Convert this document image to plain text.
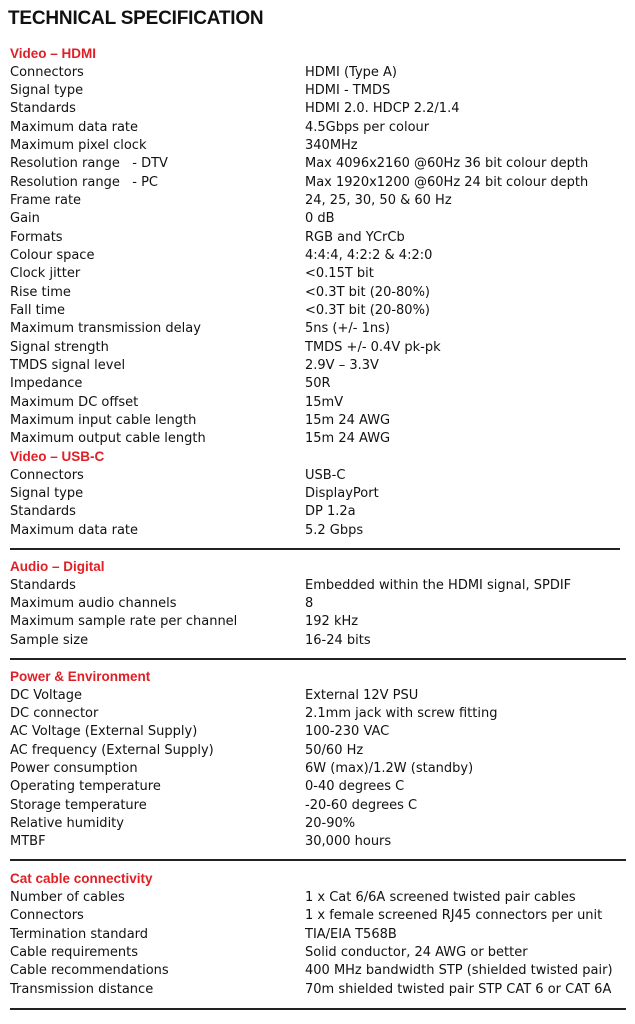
TECHNICAL SPECIFICATION
Video – HDMI
Connectors	HDMI (Type A)
Signal type	HDMI - TMDS
Standards	HDMI 2.0. HDCP 2.2/1.4
Maximum data rate	4.5Gbps per colour
Maximum pixel clock	340MHz
Resolution range   - DTV	Max 4096x2160 @60Hz 36 bit colour depth
Resolution range   - PC	Max 1920x1200 @60Hz 24 bit colour depth
Frame rate	24, 25, 30, 50 & 60 Hz
Gain	0 dB
Formats	RGB and YCrCb
Colour space	4:4:4, 4:2:2 & 4:2:0
Clock jitter	<0.15T bit
Rise time	<0.3T bit (20-80%)
Fall time	<0.3T bit (20-80%)
Maximum transmission delay	5ns (+/- 1ns)
Signal strength	TMDS +/- 0.4V pk-pk
TMDS signal level	2.9V – 3.3V
Impedance	50R
Maximum DC offset	15mV
Maximum input cable length	15m 24 AWG
Maximum output cable length	15m 24 AWG
Video – USB-C
Connectors	USB-C
Signal type	DisplayPort
Standards	DP 1.2a
Maximum data rate	5.2 Gbps
Audio – Digital
Standards	Embedded within the HDMI signal, SPDIF
Maximum audio channels	8
Maximum sample rate per channel	192 kHz
Sample size	16-24 bits
Power & Environment
DC Voltage	External 12V PSU
DC connector	2.1mm jack with screw fitting
AC Voltage (External Supply)	100-230 VAC
AC frequency (External Supply)	50/60 Hz
Power consumption	6W (max)/1.2W (standby)
Operating temperature	0-40 degrees C
Storage temperature	-20-60 degrees C
Relative humidity	20-90%
MTBF	30,000 hours
Cat cable connectivity
Number of cables	1 x Cat 6/6A screened twisted pair cables
Connectors	1 x female screened RJ45 connectors per unit
Termination standard	TIA/EIA T568B
Cable requirements	Solid conductor, 24 AWG or better
Cable recommendations	400 MHz bandwidth STP (shielded twisted pair)
Transmission distance	70m shielded twisted pair STP CAT 6 or CAT 6A
